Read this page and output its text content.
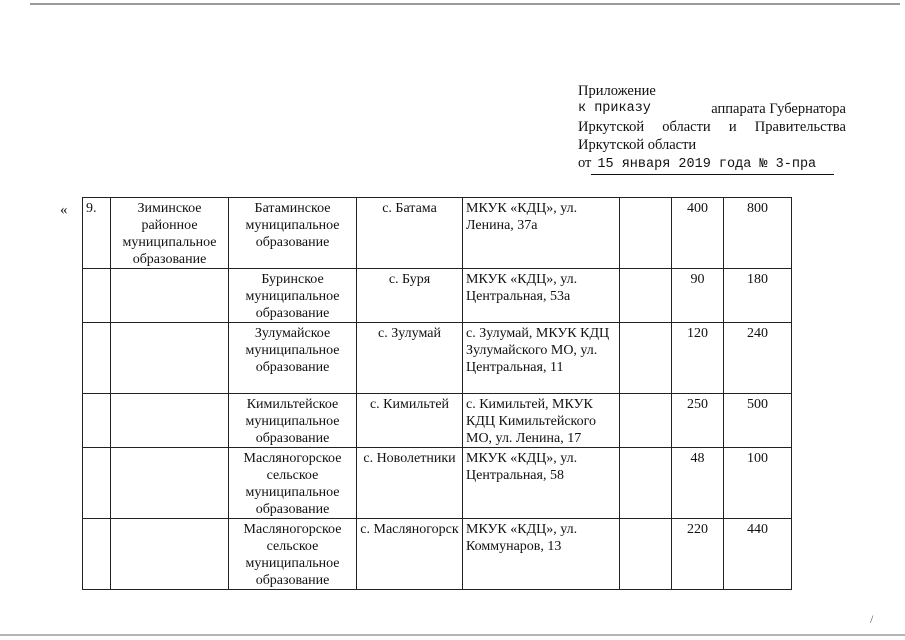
/
Приложение
к приказу	аппарата Губернатора
Иркутской области и Правительства
Иркутской области
от 15 января 2019 года № 3-пра
« 9.	Зиминское районное муниципальное образование	Батаминское муниципальное образование	с. Батама	МКУК «КДЦ», ул. Ленина, 37а		400	800
		Буринское муниципальное образование	с. Буря	МКУК «КДЦ», ул. Центральная, 53а		90	180
		Зулумайское муниципальное образование	с. Зулумай	с. Зулумай, МКУК КДЦ Зулумайского МО, ул. Центральная, 11		120	240
		Кимильтейское муниципальное образование	с. Кимильтей	с. Кимильтей, МКУК КДЦ Кимильтейского МО, ул. Ленина, 17		250	500
		Масляногорское сельское муниципальное образование	с. Новолетники	МКУК «КДЦ», ул. Центральная, 58		48	100
		Масляногорское сельское муниципальное образование	с. Масляногорск	МКУК «КДЦ», ул. Коммунаров, 13		220	440
